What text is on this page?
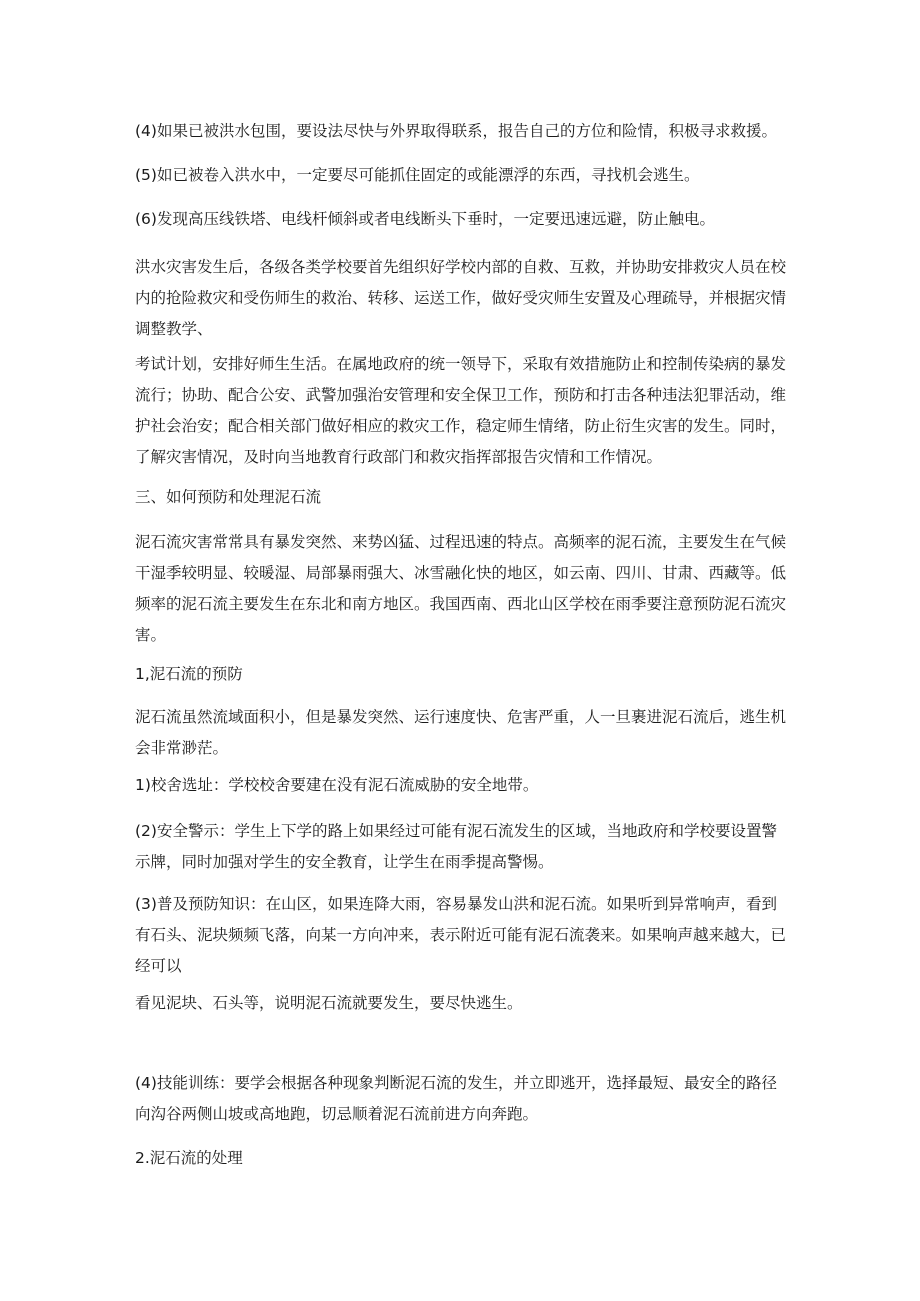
(4)如果已被洪水包围，要设法尽快与外界取得联系，报告自己的方位和险情，积极寻求救援。

(5)如已被卷入洪水中，一定要尽可能抓住固定的或能漂浮的东西，寻找机会逃生。

(6)发现高压线铁塔、电线杆倾斜或者电线断头下垂时，一定要迅速远避，防止触电。

洪水灾害发生后，各级各类学校要首先组织好学校内部的自救、互救，并协助安排救灾人员在校
内的抢险救灾和受伤师生的救治、转移、运送工作，做好受灾师生安置及心理疏导，并根据灾情
调整教学、

考试计划，安排好师生生活。在属地政府的统一领导下，采取有效措施防止和控制传染病的暴发
流行；协助、配合公安、武警加强治安管理和安全保卫工作，预防和打击各种违法犯罪活动，维
护社会治安；配合相关部门做好相应的救灾工作，稳定师生情绪，防止衍生灾害的发生。同时，
了解灾害情况，及时向当地教育行政部门和救灾指挥部报告灾情和工作情况。

三、如何预防和处理泥石流

泥石流灾害常常具有暴发突然、来势凶猛、过程迅速的特点。高频率的泥石流，主要发生在气候
干湿季较明显、较暖湿、局部暴雨强大、冰雪融化快的地区，如云南、四川、甘肃、西藏等。低
频率的泥石流主要发生在东北和南方地区。我国西南、西北山区学校在雨季要注意预防泥石流灾
害。

1,泥石流的预防

泥石流虽然流域面积小，但是暴发突然、运行速度快、危害严重，人一旦裹进泥石流后，逃生机
会非常渺茫。

1)校舍选址：学校校舍要建在没有泥石流威胁的安全地带。

(2)安全警示：学生上下学的路上如果经过可能有泥石流发生的区域，当地政府和学校要设置警
示牌，同时加强对学生的安全教育，让学生在雨季提高警惕。

(3)普及预防知识：在山区，如果连降大雨，容易暴发山洪和泥石流。如果听到异常响声，看到
有石头、泥块频频飞落，向某一方向冲来，表示附近可能有泥石流袭来。如果响声越来越大，已
经可以

看见泥块、石头等，说明泥石流就要发生，要尽快逃生。

(4)技能训练：要学会根据各种现象判断泥石流的发生，并立即逃开，选择最短、最安全的路径
向沟谷两侧山坡或高地跑，切忌顺着泥石流前进方向奔跑。

2.泥石流的处理
